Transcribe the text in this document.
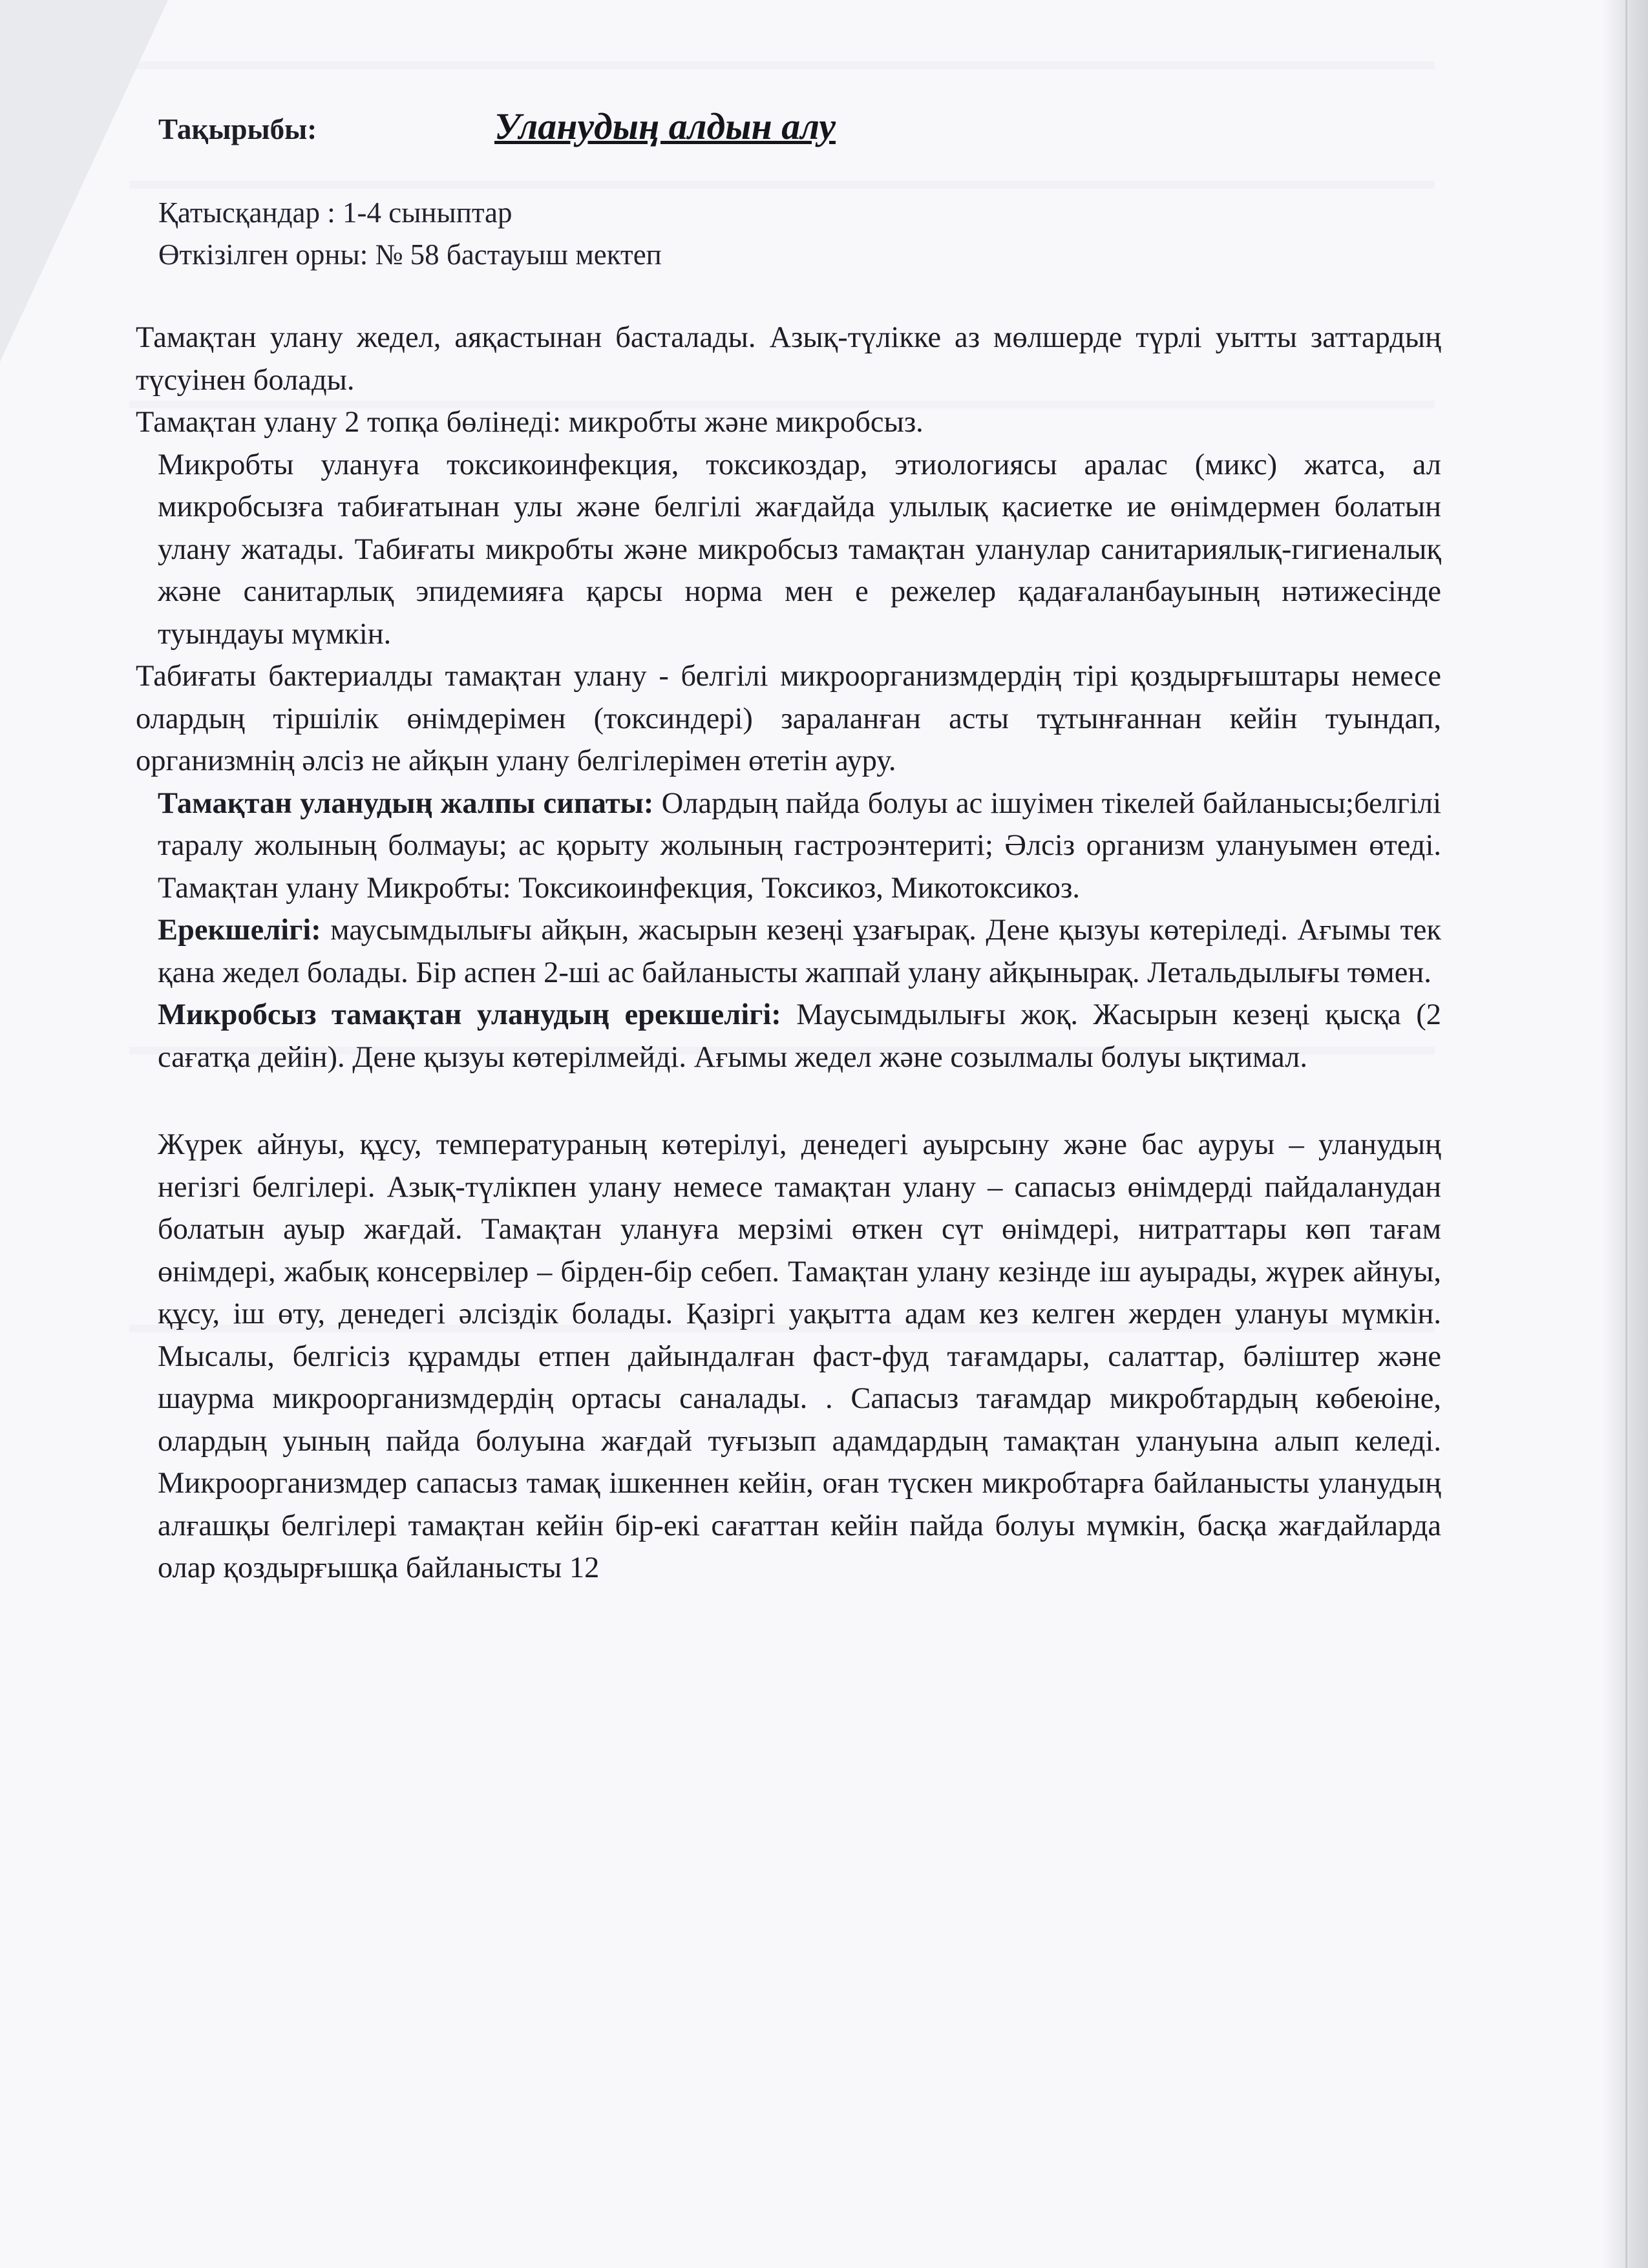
Тақырыбы:	Уланудың алдын алу
Қатысқандар : 1-4 сыныптар
Өткізілген орны: № 58 бастауыш мектеп

Тамақтан улану жедел, аяқастынан басталады. Азық-түлікке аз мөлшерде түрлі уытты заттардың түсуінен болады.

Тамақтан улану 2 топқа бөлінеді: микробты және микробсыз.

Микробты улануға токсикоинфекция, токсикоздар, этиологиясы аралас (микс) жатса, ал микробсызға табиғатынан улы және белгілі жағдайда улылық қасиетке ие өнімдермен болатын улану жатады. Табиғаты микробты және микробсыз тамақтан уланулар санитариялық-гигиеналық және санитарлық эпидемияға қарсы норма мен е режелер қадағаланбауының нәтижесінде туындауы мүмкін.

Табиғаты бактериалды тамақтан улану - белгілі микроорганизмдердің тірі қоздырғыштары немесе олардың тіршілік өнімдерімен (токсиндері) зараланған асты тұтынғаннан кейін туындап, организмнің әлсіз не айқын улану белгілерімен өтетін ауру.

Тамақтан уланудың жалпы сипаты: Олардың пайда болуы ас ішуімен тікелей байланысы;белгілі таралу жолының болмауы; ас қорыту жолының гастроэнтериті; Әлсіз организм улануымен өтеді. Тамақтан улану Микробты: Токсикоинфекция, Токсикоз, Микотоксикоз.

Ерекшелігі: маусымдылығы айқын, жасырын кезеңі ұзағырақ. Дене қызуы көтеріледі. Ағымы тек қана жедел болады. Бір аспен 2-ші ас байланысты жаппай улану айқынырақ. Летальдылығы төмен.

Микробсыз тамақтан уланудың ерекшелігі: Маусымдылығы жоқ. Жасырын кезеңі қысқа (2 сағатқа дейін). Дене қызуы көтерілмейді. Ағымы жедел және созылмалы болуы ықтимал.

Жүрек айнуы, құсу, температураның көтерілуі, денедегі ауырсыну және бас ауруы – уланудың негізгі белгілері. Азық-түлікпен улану немесе тамақтан улану – сапасыз өнімдерді пайдаланудан болатын ауыр жағдай. Тамақтан улануға мерзімі өткен сүт өнімдері, нитраттары көп тағам өнімдері, жабық консервілер – бірден-бір себеп. Тамақтан улану кезінде іш ауырады, жүрек айнуы, құсу, іш өту, денедегі әлсіздік болады. Қазіргі уақытта адам кез келген жерден улануы мүмкін. Мысалы, белгісіз құрамды етпен дайындалған фаст-фуд тағамдары, салаттар, бәліштер және шаурма микроорганизмдердің ортасы саналады. . Сапасыз тағамдар микробтардың көбеюіне, олардың уының пайда болуына жағдай туғызып адамдардың тамақтан улануына алып келеді. Микроорганизмдер сапасыз тамақ ішкеннен кейін, оған түскен микробтарға байланысты уланудың алғашқы белгілері тамақтан кейін бір-екі сағаттан кейін пайда болуы мүмкін, басқа жағдайларда олар қоздырғышқа байланысты 12
